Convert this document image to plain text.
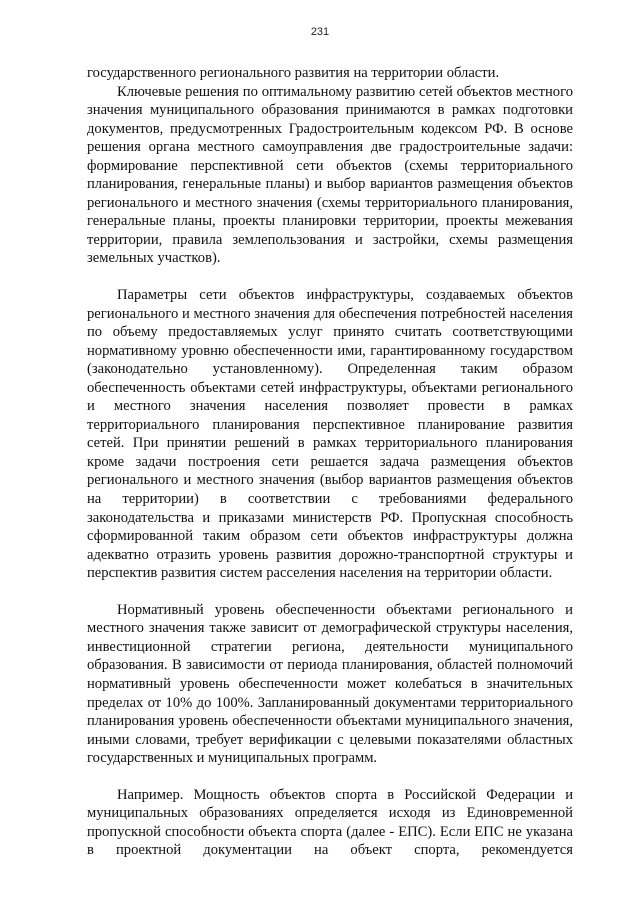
231

государственного регионального развития на территории области.

Ключевые решения по оптимальному развитию сетей объектов местного значения муниципального образования принимаются в рамках подготовки документов, предусмотренных Градостроительным кодексом РФ. В основе решения органа местного самоуправления две градостроительные задачи: формирование перспективной сети объектов (схемы территориального планирования, генеральные планы) и выбор вариантов размещения объектов регионального и местного значения (схемы территориального планирования, генеральные планы, проекты планировки территории, проекты межевания территории, правила землепользования и застройки, схемы размещения земельных участков).

Параметры сети объектов инфраструктуры, создаваемых объектов регионального и местного значения для обеспечения потребностей населения по объему предоставляемых услуг принято считать соответствующими нормативному уровню обеспеченности ими, гарантированному государством (законодательно установленному). Определенная таким образом обеспеченность объектами сетей инфраструктуры, объектами регионального и местного значения населения позволяет провести в рамках территориального планирования перспективное планирование развития сетей. При принятии решений в рамках территориального планирования кроме задачи построения сети решается задача размещения объектов регионального и местного значения (выбор вариантов размещения объектов на территории) в соответствии с требованиями федерального законодательства и приказами министерств РФ. Пропускная способность сформированной таким образом сети объектов инфраструктуры должна адекватно отразить уровень развития дорожно-транспортной структуры и перспектив развития систем расселения населения на территории области.

Нормативный уровень обеспеченности объектами регионального и местного значения также зависит от демографической структуры населения, инвестиционной стратегии региона, деятельности муниципального образования. В зависимости от периода планирования, областей полномочий нормативный уровень обеспеченности может колебаться в значительных пределах от 10% до 100%. Запланированный документами территориального планирования уровень обеспеченности объектами муниципального значения, иными словами, требует верификации с целевыми показателями областных государственных и муниципальных программ.

Например. Мощность объектов спорта в Российской Федерации и муниципальных образованиях определяется исходя из Единовременной пропускной способности объекта спорта (далее - ЕПС). Если ЕПС не указана в проектной документации на объект спорта, рекомендуется
